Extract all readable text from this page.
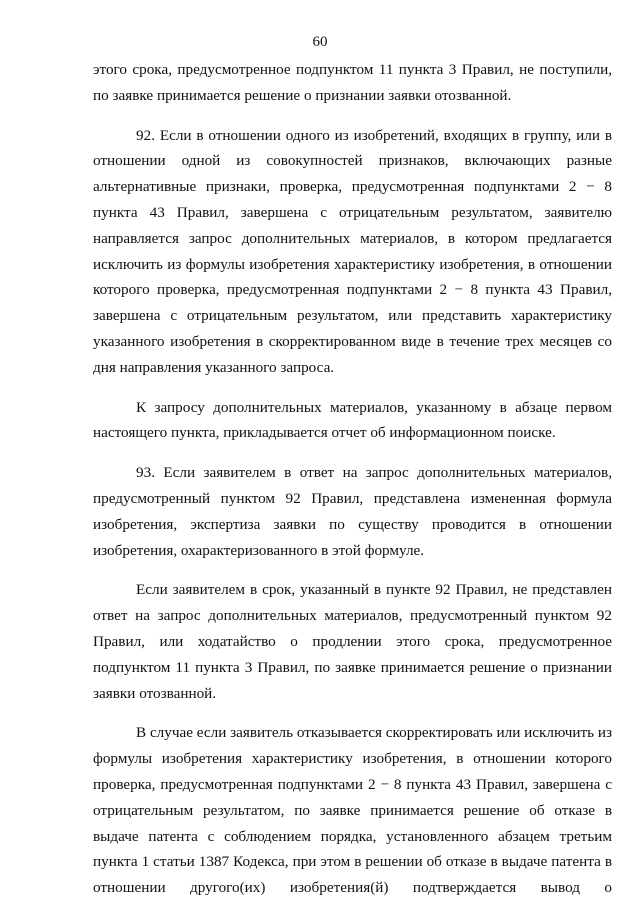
60
этого срока, предусмотренное подпунктом 11 пункта 3 Правил, не поступили,
по заявке принимается решение о признании заявки отозванной.
92. Если в отношении одного из изобретений, входящих в группу, или в
отношении одной из совокупностей признаков, включающих разные
альтернативные признаки, проверка, предусмотренная подпунктами 2 − 8
пункта 43 Правил, завершена с отрицательным результатом, заявителю
направляется запрос дополнительных материалов, в котором предлагается
исключить из формулы изобретения характеристику изобретения, в отношении
которого проверка, предусмотренная подпунктами 2 − 8 пункта 43 Правил,
завершена с отрицательным результатом, или представить характеристику
указанного изобретения в скорректированном виде в течение трех месяцев со
дня направления указанного запроса.
К запросу дополнительных материалов, указанному в абзаце первом
настоящего пункта, прикладывается отчет об информационном поиске.
93. Если заявителем в ответ на запрос дополнительных материалов,
предусмотренный пунктом 92 Правил, представлена измененная формула
изобретения, экспертиза заявки по существу проводится в отношении
изобретения, охарактеризованного в этой формуле.
Если заявителем в срок, указанный в пункте 92 Правил, не представлен
ответ на запрос дополнительных материалов, предусмотренный пунктом 92
Правил, или ходатайство о продлении этого срока, предусмотренное
подпунктом 11 пункта 3 Правил, по заявке принимается решение о признании
заявки отозванной.
В случае если заявитель отказывается скорректировать или исключить из
формулы изобретения характеристику изобретения, в отношении которого
проверка, предусмотренная подпунктами 2 − 8 пункта 43 Правил, завершена с
отрицательным результатом, по заявке принимается решение об отказе в
выдаче патента с соблюдением порядка, установленного абзацем третьим
пункта 1 статьи 1387 Кодекса, при этом в решении об отказе в выдаче патента в
отношении другого(их) изобретения(й) подтверждается вывод о
